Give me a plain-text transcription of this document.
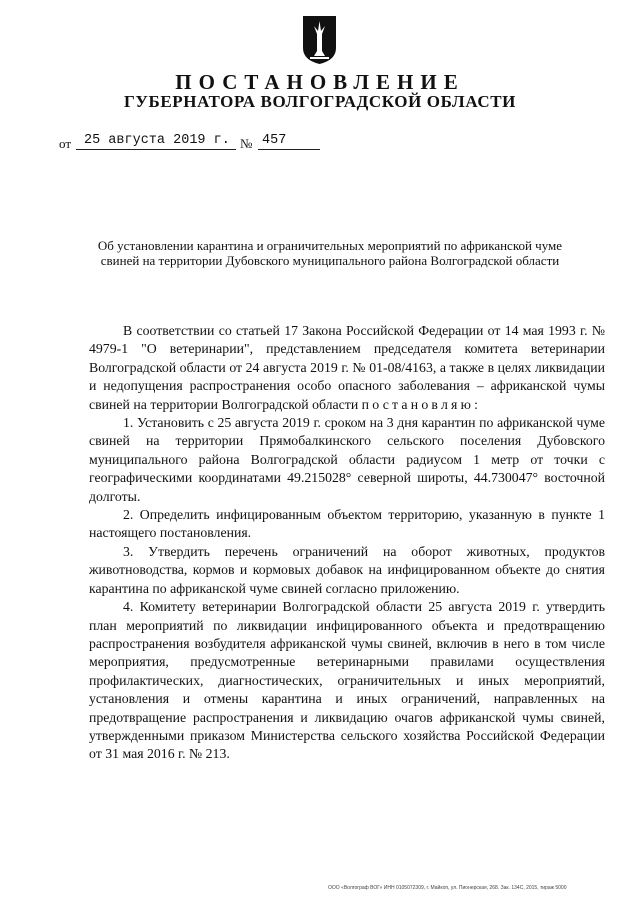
ПОСТАНОВЛЕНИЕ
ГУБЕРНАТОРА ВОЛГОГРАДСКОЙ ОБЛАСТИ
от 25 августа 2019 г. № 457
Об установлении карантина и ограничительных мероприятий по африканской чуме свиней на территории Дубовского муниципального района Волгоградской области

В соответствии со статьей 17 Закона Российской Федерации от 14 мая 1993 г. № 4979-1 "О ветеринарии", представлением председателя комитета ветеринарии Волгоградской области от 24 августа 2019 г. № 01-08/4163, а также в целях ликвидации и недопущения распространения особо опасного заболевания – африканской чумы свиней на территории Волгоградской области постановляю:

1. Установить с 25 августа 2019 г. сроком на 3 дня карантин по африканской чуме свиней на территории Прямобалкинского сельского поселения Дубовского муниципального района Волгоградской области радиусом 1 метр от точки с географическими координатами 49.215028° северной широты, 44.730047° восточной долготы.

2. Определить инфицированным объектом территорию, указанную в пункте 1 настоящего постановления.

3. Утвердить перечень ограничений на оборот животных, продуктов животноводства, кормов и кормовых добавок на инфицированном объекте до снятия карантина по африканской чуме свиней согласно приложению.

4. Комитету ветеринарии Волгоградской области 25 августа 2019 г. утвердить план мероприятий по ликвидации инфицированного объекта и предотвращению распространения возбудителя африканской чумы свиней, включив в него в том числе мероприятия, предусмотренные ветеринарными правилами осуществления профилактических, диагностических, ограничительных и иных мероприятий, установления и отмены карантина и иных ограничений, направленных на предотвращение распространения и ликвидацию очагов африканской чумы свиней, утвержденными приказом Министерства сельского хозяйства Российской Федерации от 31 мая 2016 г. № 213.

ООО «Волгограф ВОГ» ИНН 0105072309, г. Майкоп, ул. Пионерская, 268. Зак. 134С, 2015, тираж 5000
